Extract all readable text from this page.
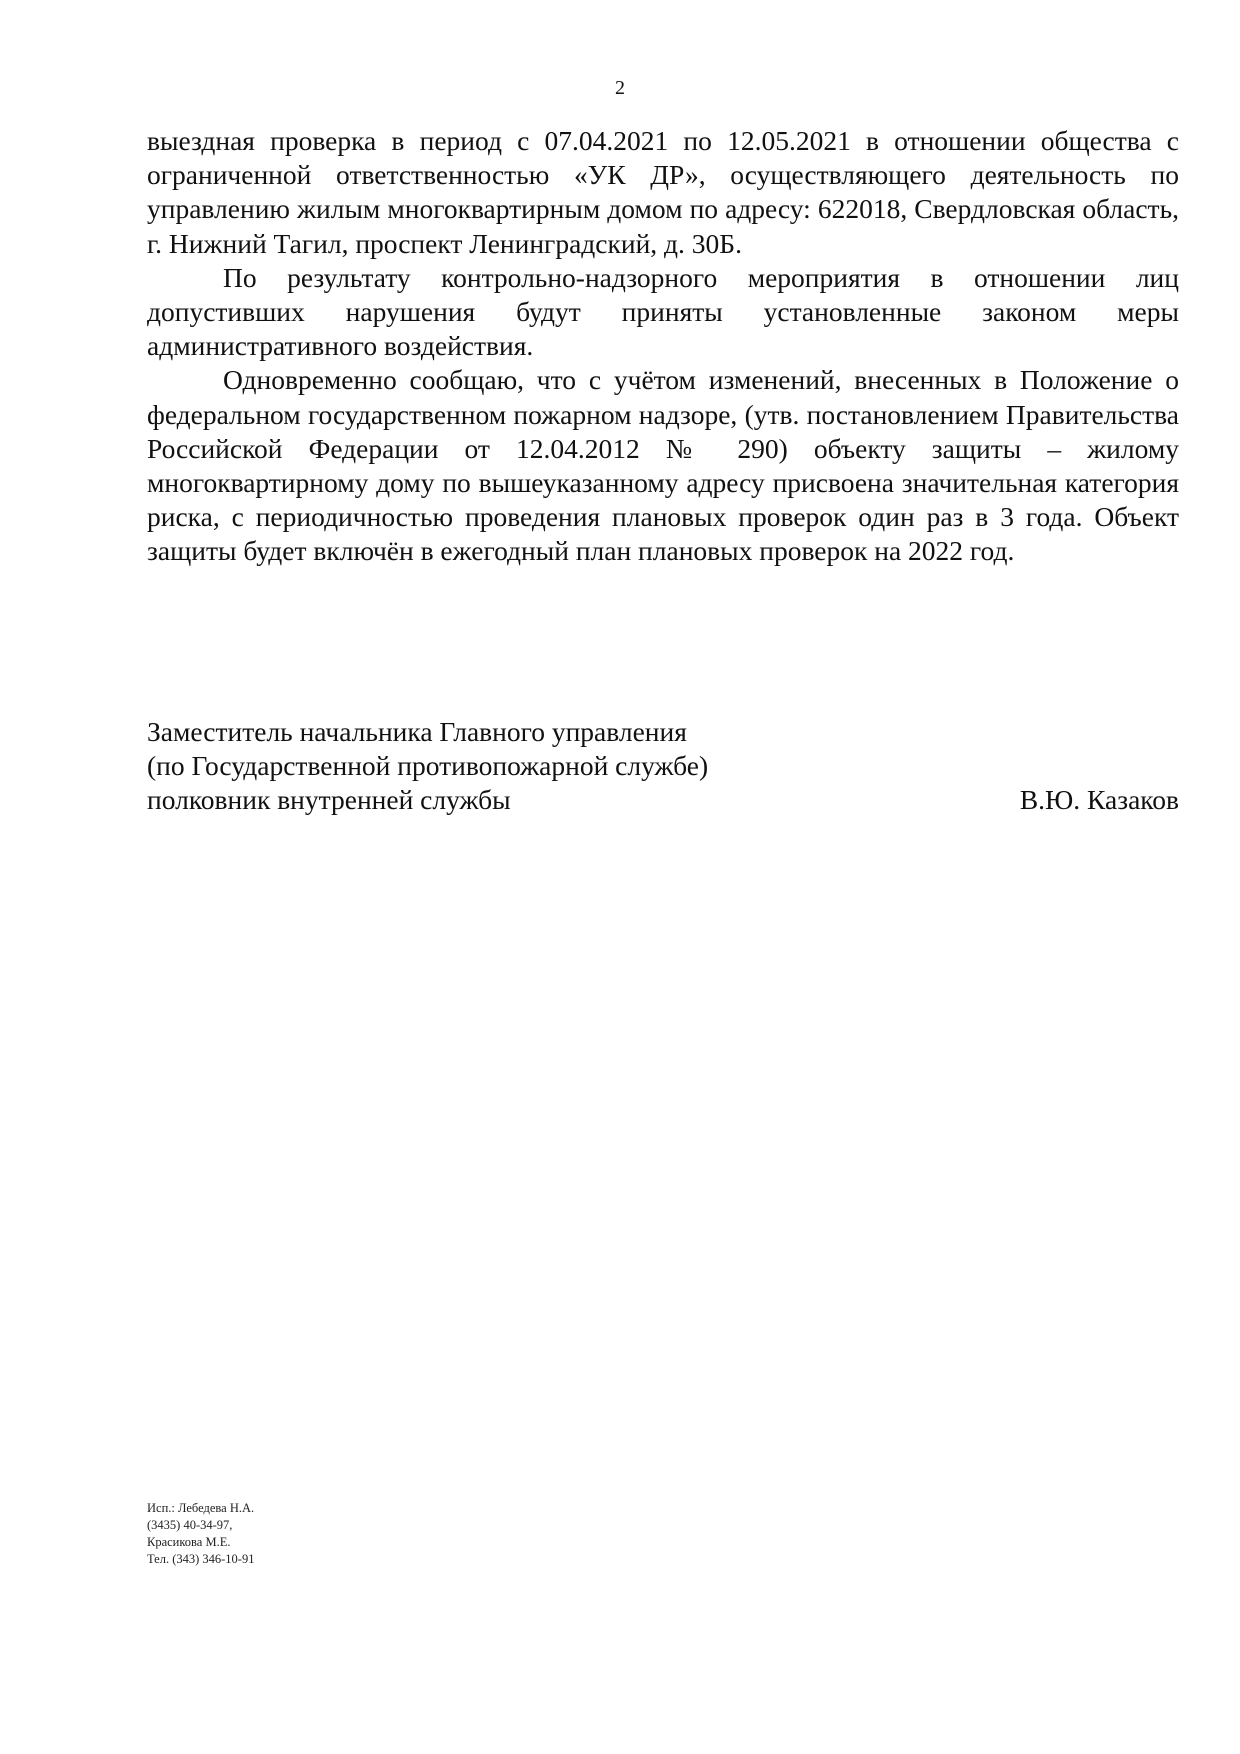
2

выездная проверка в период с 07.04.2021 по 12.05.2021 в отношении общества с ограниченной ответственностью «УК ДР», осуществляющего деятельность по управлению жилым многоквартирным домом по адресу: 622018, Свердловская область, г. Нижний Тагил, проспект Ленинградский, д. 30Б.

По результату контрольно-надзорного мероприятия в отношении лиц допустивших нарушения будут приняты установленные законом меры административного воздействия.

Одновременно сообщаю, что с учётом изменений, внесенных в Положение о федеральном государственном пожарном надзоре, (утв. постановлением Правительства Российской Федерации от 12.04.2012 № 290) объекту защиты – жилому многоквартирному дому по вышеуказанному адресу присвоена значительная категория риска, с периодичностью проведения плановых проверок один раз в 3 года. Объект защиты будет включён в ежегодный план плановых проверок на 2022 год.

Заместитель начальника Главного управления
(по Государственной противопожарной службе)
полковник внутренней службы	В.Ю. Казаков
Исп.: Лебедева Н.А.
(3435) 40-34-97,
Красикова М.Е.
Тел. (343) 346-10-91
